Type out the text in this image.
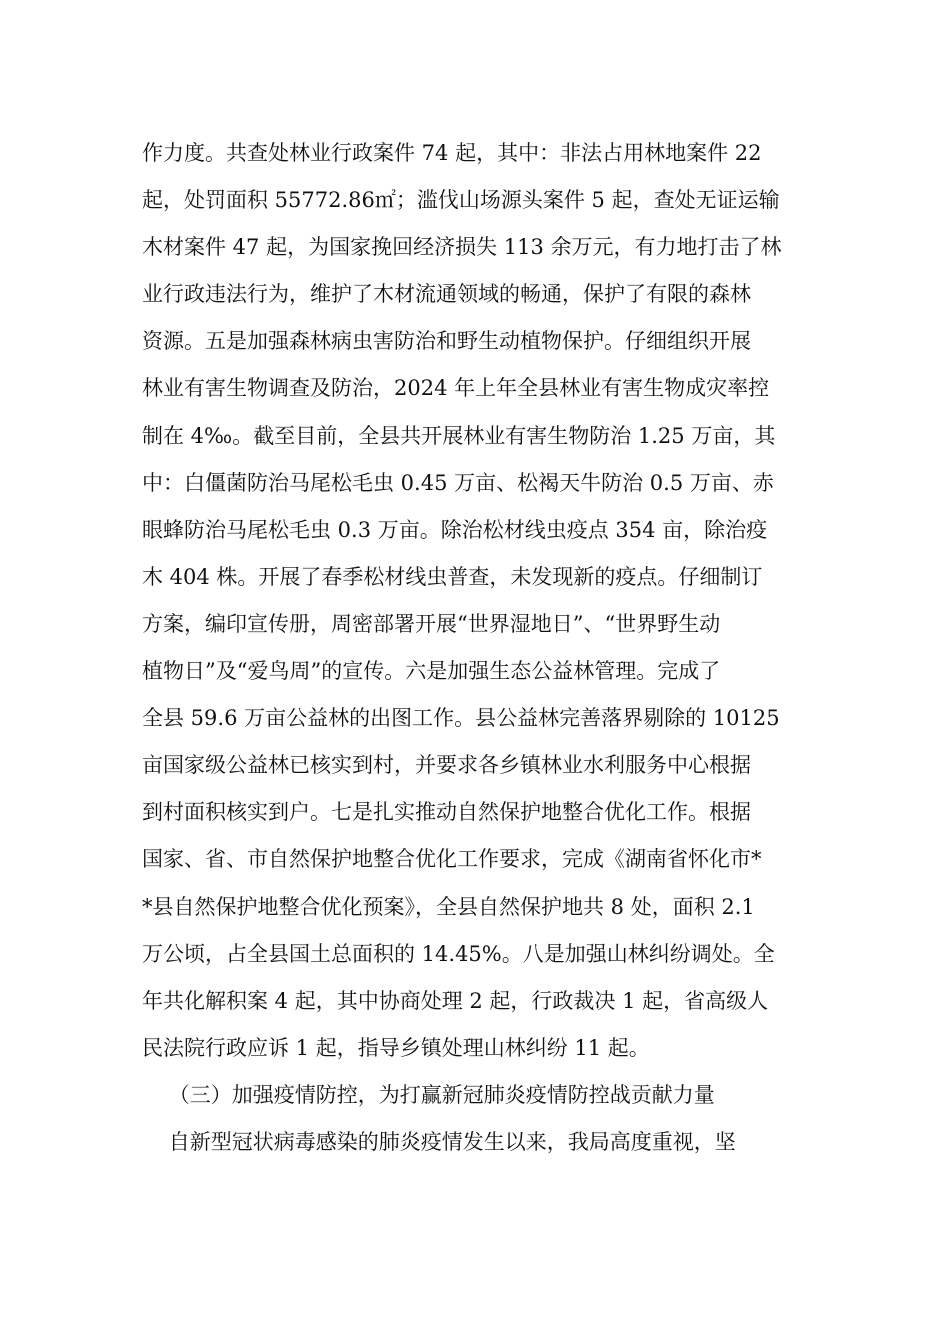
作力度。共查处林业行政案件 74 起，其中：非法占用林地案件 22
起，处罚面积 55772.86㎡；滥伐山场源头案件 5 起，查处无证运输
木材案件 47 起，为国家挽回经济损失 113 余万元，有力地打击了林
业行政违法行为，维护了木材流通领域的畅通，保护了有限的森林
资源。五是加强森林病虫害防治和野生动植物保护。仔细组织开展
林业有害生物调查及防治，2024 年上年全县林业有害生物成灾率控
制在 4‰。截至目前，全县共开展林业有害生物防治 1.25 万亩，其
中：白僵菌防治马尾松毛虫 0.45 万亩、松褐天牛防治 0.5 万亩、赤
眼蜂防治马尾松毛虫 0.3 万亩。除治松材线虫疫点 354 亩，除治疫
木 404 株。开展了春季松材线虫普查，未发现新的疫点。仔细制订
方案，编印宣传册，周密部署开展“世界湿地日”、“世界野生动
植物日”及“爱鸟周”的宣传。六是加强生态公益林管理。完成了
全县 59.6 万亩公益林的出图工作。县公益林完善落界剔除的 10125
亩国家级公益林已核实到村，并要求各乡镇林业水利服务中心根据
到村面积核实到户。七是扎实推动自然保护地整合优化工作。根据
国家、省、市自然保护地整合优化工作要求，完成《湖南省怀化市*
*县自然保护地整合优化预案》，全县自然保护地共 8 处，面积 2.1
万公顷，占全县国土总面积的 14.45%。八是加强山林纠纷调处。全
年共化解积案 4 起，其中协商处理 2 起，行政裁决 1 起，省高级人
民法院行政应诉 1 起，指导乡镇处理山林纠纷 11 起。
（三）加强疫情防控，为打赢新冠肺炎疫情防控战贡献力量
自新型冠状病毒感染的肺炎疫情发生以来，我局高度重视，坚
